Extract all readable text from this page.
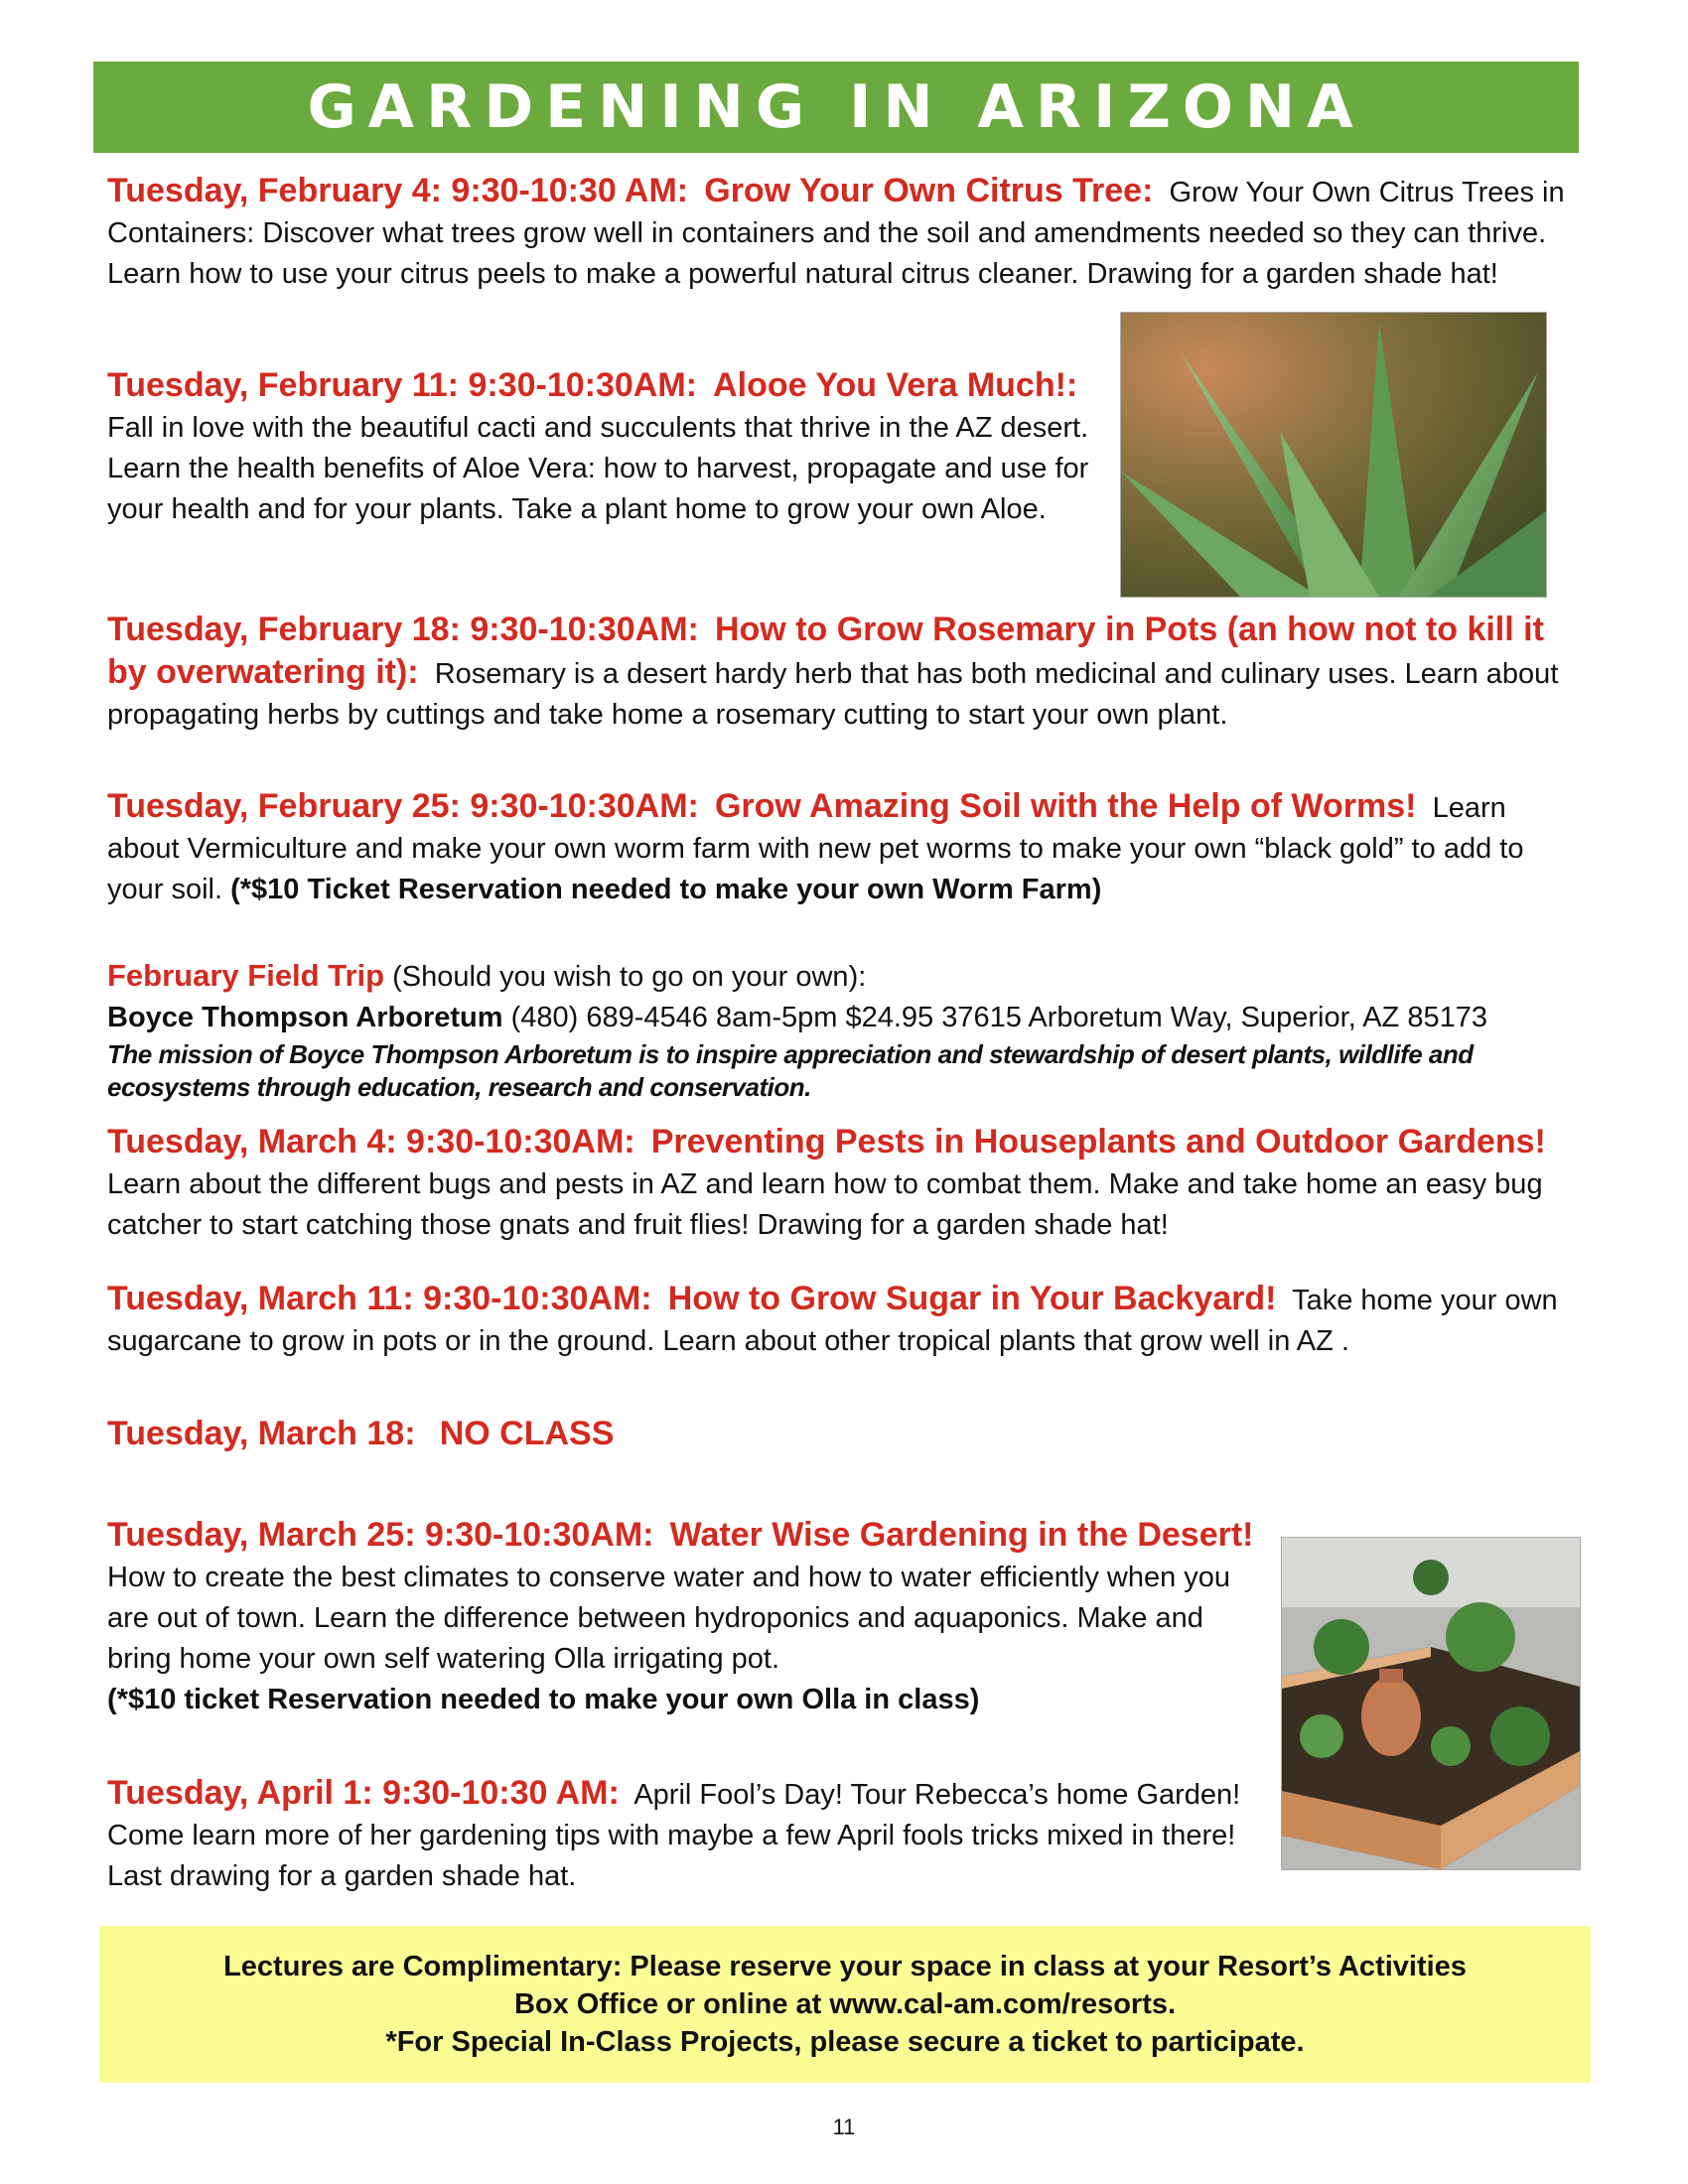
GARDENING IN ARIZONA

Tuesday, February 4: 9:30-10:30 AM: Grow Your Own Citrus Tree: Grow Your Own Citrus Trees in Containers: Discover what trees grow well in containers and the soil and amendments needed so they can thrive. Learn how to use your citrus peels to make a powerful natural citrus cleaner. Drawing for a garden shade hat!

Tuesday, February 11: 9:30-10:30AM: Alooe You Vera Much!:
Fall in love with the beautiful cacti and succulents that thrive in the AZ desert. Learn the health benefits of Aloe Vera: how to harvest, propagate and use for your health and for your plants. Take a plant home to grow your own Aloe.

Tuesday, February 18: 9:30-10:30AM: How to Grow Rosemary in Pots (an how not to kill it by overwatering it): Rosemary is a desert hardy herb that has both medicinal and culinary uses. Learn about propagating herbs by cuttings and take home a rosemary cutting to start your own plant.

Tuesday, February 25: 9:30-10:30AM: Grow Amazing Soil with the Help of Worms! Learn about Vermiculture and make your own worm farm with new pet worms to make your own “black gold” to add to your soil. (*$10 Ticket Reservation needed to make your own Worm Farm)

February Field Trip (Should you wish to go on your own):

Boyce Thompson Arboretum (480) 689-4546 8am-5pm $24.95 37615 Arboretum Way, Superior, AZ 85173

The mission of Boyce Thompson Arboretum is to inspire appreciation and stewardship of desert plants, wildlife and ecosystems through education, research and conservation.

Tuesday, March 4: 9:30-10:30AM: Preventing Pests in Houseplants and Outdoor Gardens!
Learn about the different bugs and pests in AZ and learn how to combat them. Make and take home an easy bug catcher to start catching those gnats and fruit flies! Drawing for a garden shade hat!

Tuesday, March 11: 9:30-10:30AM: How to Grow Sugar in Your Backyard! Take home your own sugarcane to grow in pots or in the ground. Learn about other tropical plants that grow well in AZ .

Tuesday, March 18: NO CLASS

Tuesday, March 25: 9:30-10:30AM: Water Wise Gardening in the Desert!
How to create the best climates to conserve water and how to water efficiently when you are out of town. Learn the difference between hydroponics and aquaponics. Make and bring home your own self watering Olla irrigating pot.
(*$10 ticket Reservation needed to make your own Olla in class)

Tuesday, April 1: 9:30-10:30 AM: April Fool’s Day! Tour Rebecca’s home Garden! Come learn more of her gardening tips with maybe a few April fools tricks mixed in there! Last drawing for a garden shade hat.

Lectures are Complimentary: Please reserve your space in class at your Resort’s Activities
Box Office or online at www.cal-am.com/resorts.
*For Special In-Class Projects, please secure a ticket to participate.
11
